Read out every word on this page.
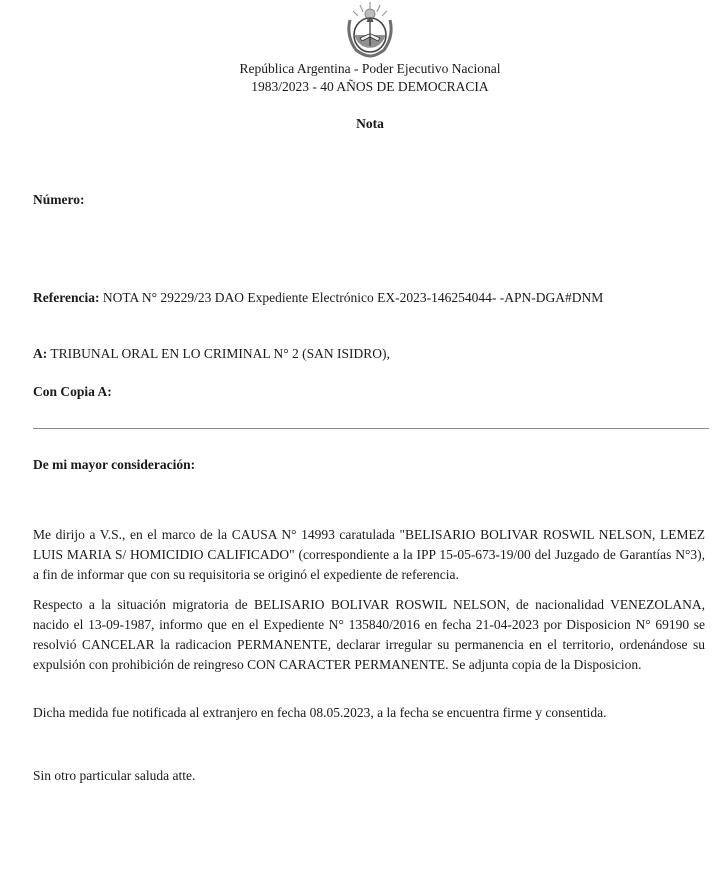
República Argentina - Poder Ejecutivo Nacional
1983/2023 - 40 AÑOS DE DEMOCRACIA
Nota
Número:
Referencia: NOTA N° 29229/23 DAO Expediente Electrónico EX-2023-146254044- -APN-DGA#DNM
A: TRIBUNAL ORAL EN LO CRIMINAL N° 2 (SAN ISIDRO),
Con Copia A:
De mi mayor consideración:
Me dirijo a V.S., en el marco de la CAUSA N° 14993 caratulada "BELISARIO BOLIVAR ROSWIL NELSON, LEMEZ LUIS MARIA S/ HOMICIDIO CALIFICADO" (correspondiente a la IPP 15-05-673-19/00 del Juzgado de Garantías N°3), a fin de informar que con su requisitoria se originó el expediente de referencia.
Respecto a la situación migratoria de BELISARIO BOLIVAR ROSWIL NELSON, de nacionalidad VENEZOLANA, nacido el 13-09-1987, informo que en el Expediente N° 135840/2016 en fecha 21-04-2023 por Disposicion N° 69190 se resolvió CANCELAR la radicacion PERMANENTE, declarar irregular su permanencia en el territorio, ordenándose su expulsión con prohibición de reingreso CON CARACTER PERMANENTE. Se adjunta copia de la Disposicion.
Dicha medida fue notificada al extranjero en fecha 08.05.2023, a la fecha se encuentra firme y consentida.
Sin otro particular saluda atte.
